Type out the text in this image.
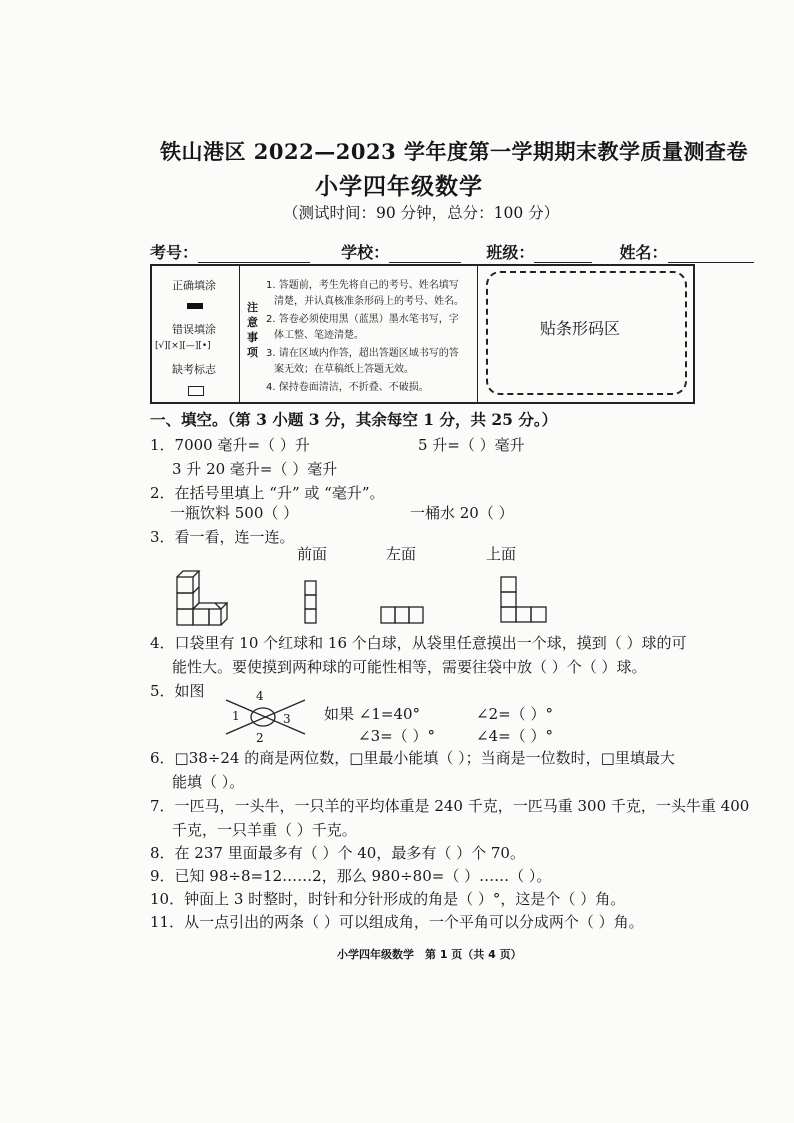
铁山港区 2022—2023 学年度第一学期期末教学质量测查卷
小学四年级数学
（测试时间：90 分钟，总分：100 分）
考号：	学校：	班级：	姓名：
正确填涂
错误填涂
[√][×][—][•]
缺考标志
注意事项
1. 答题前，考生先将自己的考号、姓名填写
清楚，并认真核准条形码上的考号、姓名。
2. 答卷必须使用黑（蓝黑）墨水笔书写，字
体工整、笔迹清楚。
3. 请在区域内作答，超出答题区域书写的答
案无效；在草稿纸上答题无效。
4. 保持卷面清洁，不折叠、不破损。
贴条形码区
一、填空。（第 3 小题 3 分，其余每空 1 分，共 25 分。）
1．7000 毫升=（ ）升	5 升=（ ）毫升
3 升 20 毫升=（ ）毫升
2．在括号里填上 “升” 或 “毫升”。
一瓶饮料 500（ ）	一桶水 20（ ）
3．看一看，连一连。
前面	左面	上面
4．口袋里有 10 个红球和 16 个白球，从袋里任意摸出一个球，摸到（ ）球的可
能性大。要使摸到两种球的可能性相等，需要往袋中放（ ）个（ ）球。
5．如图
1
2
3
4
如果 ∠1=40°	∠2=（ ）°
∠3=（ ）°	∠4=（ ）°
6．□38÷24 的商是两位数，□里最小能填（ ）；当商是一位数时，□里填最大
能填（ ）。
7．一匹马，一头牛，一只羊的平均体重是 240 千克，一匹马重 300 千克，一头牛重 400
千克，一只羊重（ ）千克。
8．在 237 里面最多有（ ）个 40，最多有（ ）个 70。
9．已知 98÷8=12……2，那么 980÷80=（ ）……（ ）。
10．钟面上 3 时整时，时针和分针形成的角是（ ）°，这是个（ ）角。
11．从一点引出的两条（ ）可以组成角，一个平角可以分成两个（ ）角。
小学四年级数学　第 1 页（共 4 页）
